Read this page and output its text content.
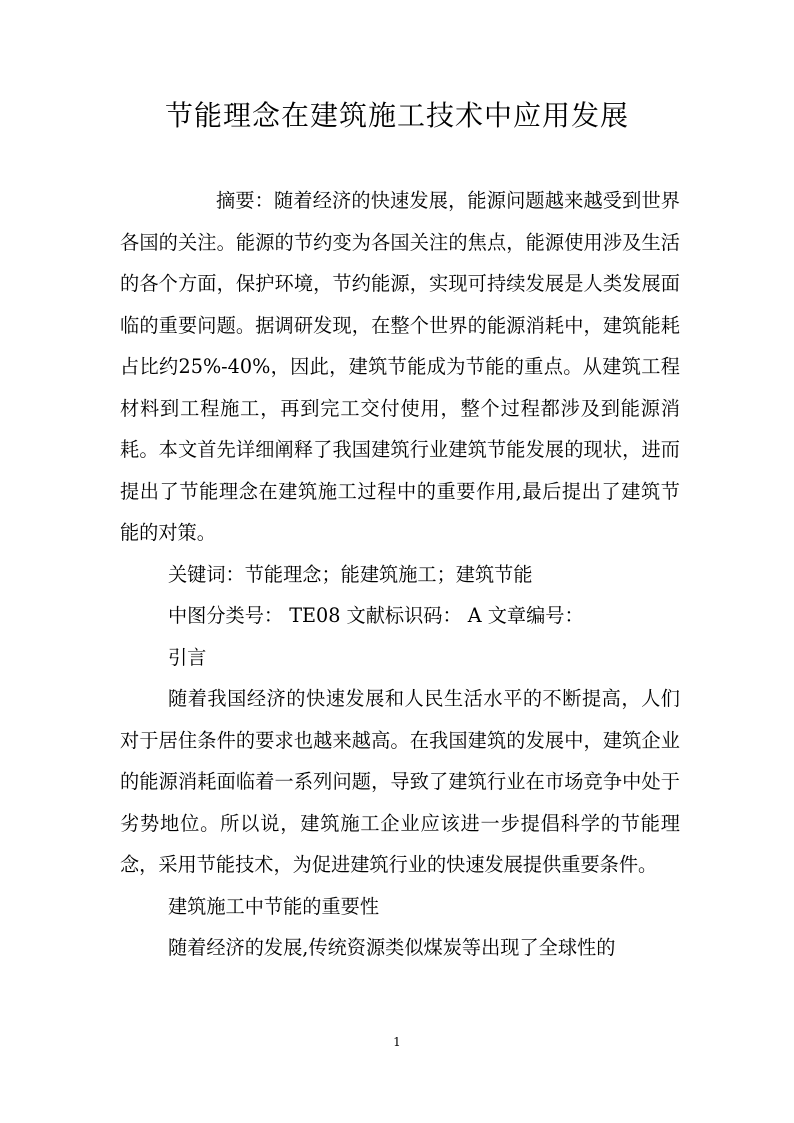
节能理念在建筑施工技术中应用发展

摘要：随着经济的快速发展，能源问题越来越受到世界各国的关注。能源的节约变为各国关注的焦点，能源使用涉及生活的各个方面，保护环境，节约能源，实现可持续发展是人类发展面临的重要问题。据调研发现，在整个世界的能源消耗中，建筑能耗占比约25%-40%，因此，建筑节能成为节能的重点。从建筑工程材料到工程施工，再到完工交付使用，整个过程都涉及到能源消耗。本文首先详细阐释了我国建筑行业建筑节能发展的现状，进而提出了节能理念在建筑施工过程中的重要作用,最后提出了建筑节能的对策。

关键词：节能理念；能建筑施工；建筑节能

中图分类号： TE08 文献标识码： A 文章编号：

引言

随着我国经济的快速发展和人民生活水平的不断提高，人们对于居住条件的要求也越来越高。在我国建筑的发展中，建筑企业的能源消耗面临着一系列问题，导致了建筑行业在市场竞争中处于劣势地位。所以说，建筑施工企业应该进一步提倡科学的节能理念，采用节能技术，为促进建筑行业的快速发展提供重要条件。

建筑施工中节能的重要性

随着经济的发展,传统资源类似煤炭等出现了全球性的

1
